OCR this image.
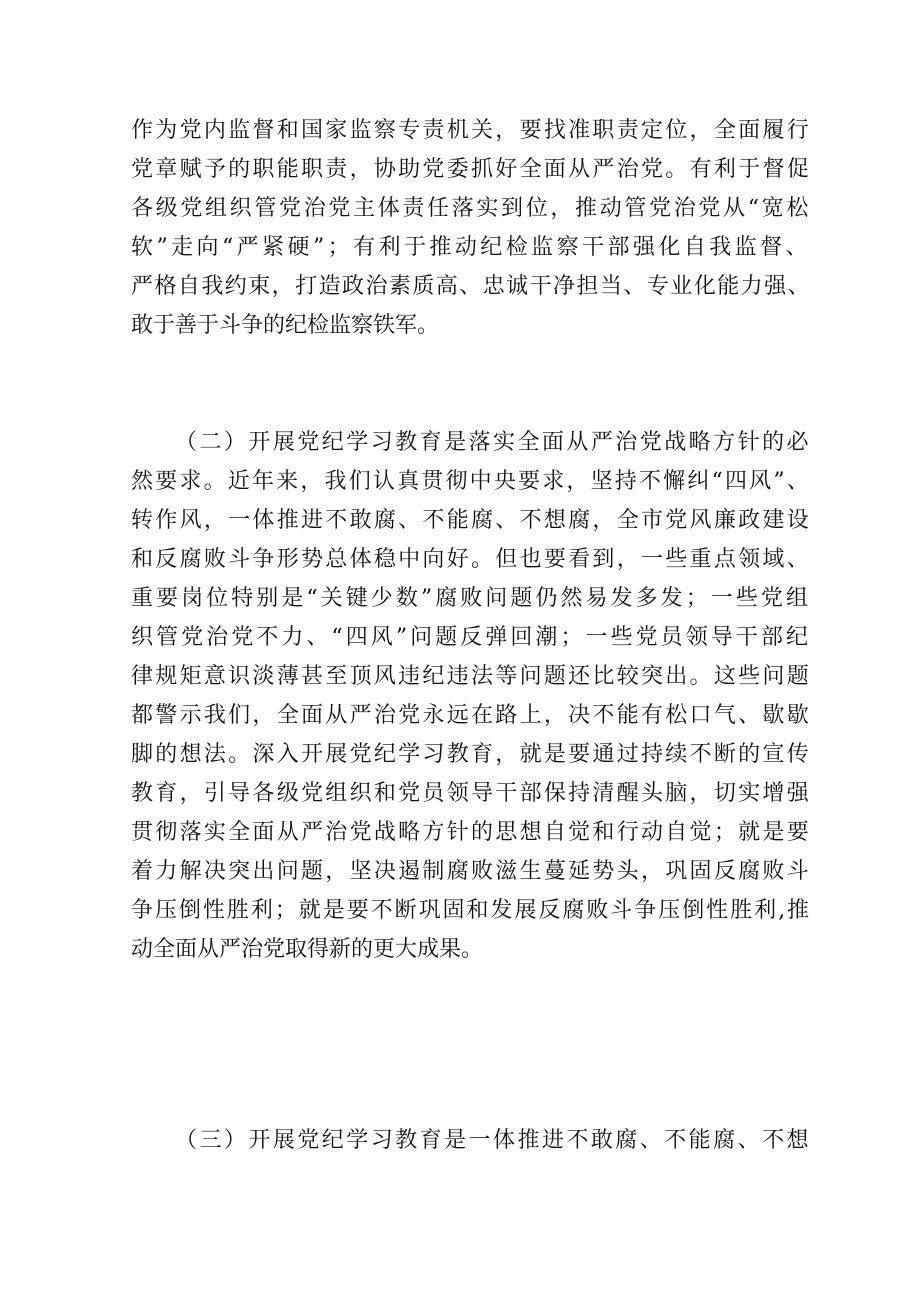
作为党内监督和国家监察专责机关，要找准职责定位，全面履行
党章赋予的职能职责，协助党委抓好全面从严治党。有利于督促
各级党组织管党治党主体责任落实到位，推动管党治党从“宽松
软”走向“严紧硬”；有利于推动纪检监察干部强化自我监督、
严格自我约束，打造政治素质高、忠诚干净担当、专业化能力强、
敢于善于斗争的纪检监察铁军。
（二）开展党纪学习教育是落实全面从严治党战略方针的必
然要求。近年来，我们认真贯彻中央要求，坚持不懈纠“四风”、
转作风，一体推进不敢腐、不能腐、不想腐，全市党风廉政建设
和反腐败斗争形势总体稳中向好。但也要看到，一些重点领域、
重要岗位特别是“关键少数”腐败问题仍然易发多发；一些党组
织管党治党不力、“四风”问题反弹回潮；一些党员领导干部纪
律规矩意识淡薄甚至顶风违纪违法等问题还比较突出。这些问题
都警示我们，全面从严治党永远在路上，决不能有松口气、歇歇
脚的想法。深入开展党纪学习教育，就是要通过持续不断的宣传
教育，引导各级党组织和党员领导干部保持清醒头脑，切实增强
贯彻落实全面从严治党战略方针的思想自觉和行动自觉；就是要
着力解决突出问题，坚决遏制腐败滋生蔓延势头，巩固反腐败斗
争压倒性胜利；就是要不断巩固和发展反腐败斗争压倒性胜利,推
动全面从严治党取得新的更大成果。
（三）开展党纪学习教育是一体推进不敢腐、不能腐、不想
